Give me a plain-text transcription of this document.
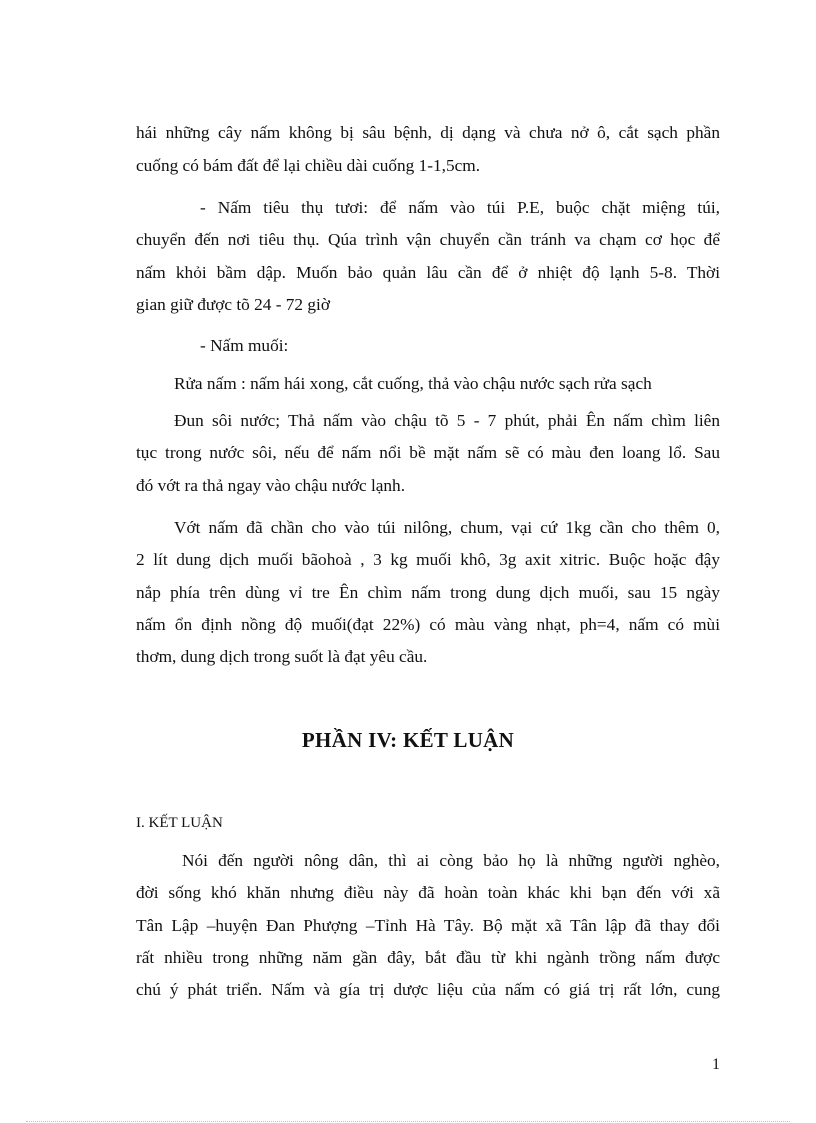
hái những cây nấm không bị sâu bệnh, dị dạng và chưa nở ô, cắt sạch phần
cuống có bám đất để lại chiều dài cuống 1-1,5cm.
- Nấm tiêu thụ tươi: để nấm vào túi P.E, buộc chặt miệng túi,
chuyển đến nơi tiêu thụ. Qúa trình vận chuyển cần tránh va chạm cơ học để
nấm khỏi bầm dập. Muốn bảo quản lâu cần để ở nhiệt độ lạnh 5-8. Thời
gian giữ được tõ 24 - 72 giờ
- Nấm muối:
Rửa nấm : nấm hái xong, cắt cuống, thả vào chậu nước sạch rửa sạch
Đun sôi nước; Thả nấm vào chậu tõ 5 - 7 phút, phải Ên nấm chìm liên
tục trong nước sôi, nếu để nấm nổi bề mặt nấm sẽ có màu đen loang lổ. Sau
đó vớt ra thả ngay vào chậu nước lạnh.
Vớt nấm đã chần cho vào túi nilông, chum, vại cứ 1kg cần cho thêm 0,
2 lít dung dịch muối bãohoà , 3 kg muối khô, 3g axit xitric. Buộc hoặc đậy
nắp phía trên dùng vỉ tre Ên chìm nấm trong dung dịch muối, sau 15 ngày
nấm ổn định nồng độ muối(đạt 22%) có màu vàng nhạt, ph=4, nấm có mùi
thơm, dung dịch trong suốt là đạt yêu cầu.
PHẦN IV: KẾT LUẬN
I. KẾT LUẬN
Nói đến người nông dân, thì ai còng bảo họ là những người nghèo,
đời sống khó khăn nhưng điều này đã hoàn toàn khác khi bạn đến với xã
Tân Lập –huyện Đan Phượng –Tỉnh Hà Tây. Bộ mặt xã Tân lập đã thay đổi
rất nhiều trong những năm gần đây, bắt đầu từ khi ngành trồng nấm được
chú ý phát triển. Nấm và gía trị dược liệu của nấm có giá trị rất lớn, cung
1
